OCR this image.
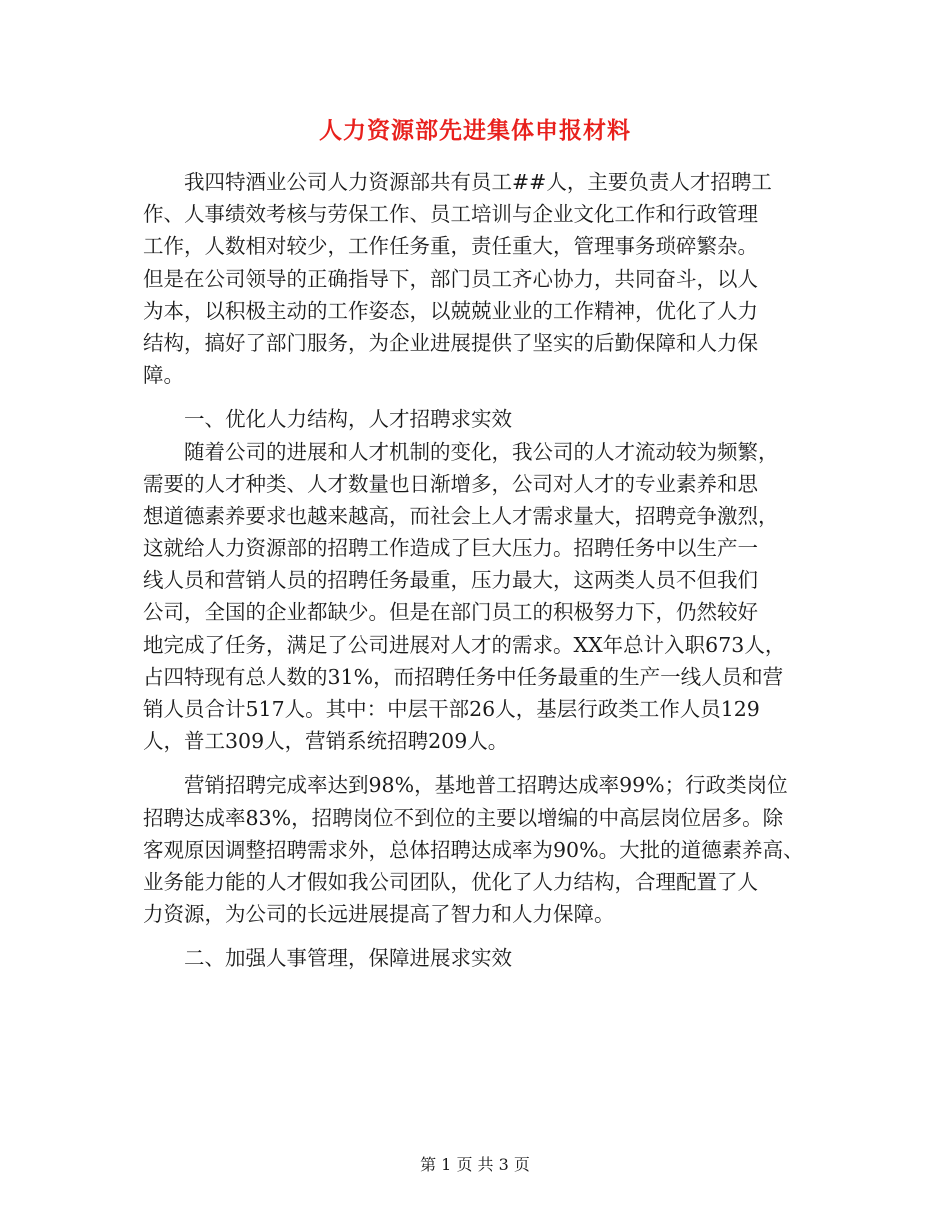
人力资源部先进集体申报材料
　　我四特酒业公司人力资源部共有员工##人，主要负责人才招聘工
作、人事绩效考核与劳保工作、员工培训与企业文化工作和行政管理
工作，人数相对较少，工作任务重，责任重大，管理事务琐碎繁杂。
但是在公司领导的正确指导下，部门员工齐心协力，共同奋斗，以人
为本，以积极主动的工作姿态，以兢兢业业的工作精神，优化了人力
结构，搞好了部门服务，为企业进展提供了坚实的后勤保障和人力保
障。
　　一、优化人力结构，人才招聘求实效
　　随着公司的进展和人才机制的变化，我公司的人才流动较为频繁，
需要的人才种类、人才数量也日渐增多，公司对人才的专业素养和思
想道德素养要求也越来越高，而社会上人才需求量大，招聘竞争激烈，
这就给人力资源部的招聘工作造成了巨大压力。招聘任务中以生产一
线人员和营销人员的招聘任务最重，压力最大，这两类人员不但我们
公司，全国的企业都缺少。但是在部门员工的积极努力下，仍然较好
地完成了任务，满足了公司进展对人才的需求。XX年总计入职673人，
占四特现有总人数的31%，而招聘任务中任务最重的生产一线人员和营
销人员合计517人。其中：中层干部26人，基层行政类工作人员129
人，普工309人，营销系统招聘209人。
　　营销招聘完成率达到98%，基地普工招聘达成率99%；行政类岗位
招聘达成率83%，招聘岗位不到位的主要以增编的中高层岗位居多。除
客观原因调整招聘需求外，总体招聘达成率为90%。大批的道德素养高、
业务能力能的人才假如我公司团队，优化了人力结构，合理配置了人
力资源，为公司的长远进展提高了智力和人力保障。
　　二、加强人事管理，保障进展求实效
第 1 页 共 3 页
